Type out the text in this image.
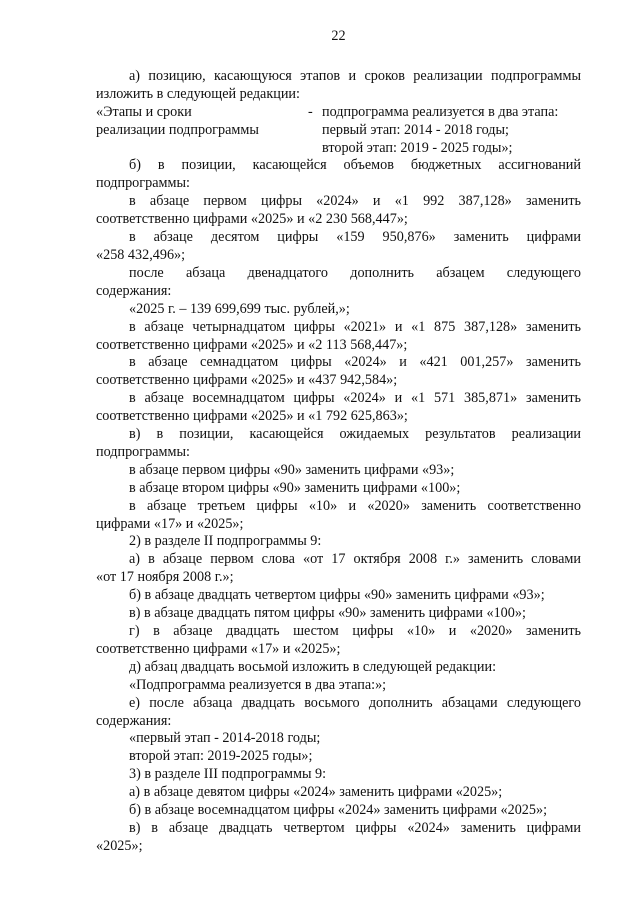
22
а) позицию, касающуюся этапов и сроков реализации подпрограммы
изложить в следующей редакции:
«Этапы и сроки
реализации подпрограммы
- подпрограмма реализуется в два этапа:
первый этап: 2014 - 2018 годы;
второй этап: 2019 - 2025 годы»;
б) в позиции, касающейся объемов бюджетных ассигнований
подпрограммы:
в абзаце первом цифры «2024» и «1 992 387,128» заменить
соответственно цифрами «2025» и «2 230 568,447»;
в абзаце десятом цифры «159 950,876» заменить цифрами
«258 432,496»;
после абзаца двенадцатого дополнить абзацем следующего
содержания:
«2025 г. – 139 699,699 тыс. рублей,»;
в абзаце четырнадцатом цифры «2021» и «1 875 387,128» заменить
соответственно цифрами «2025» и «2 113 568,447»;
в абзаце семнадцатом цифры «2024» и «421 001,257» заменить
соответственно цифрами «2025» и «437 942,584»;
в абзаце восемнадцатом цифры «2024» и «1 571 385,871» заменить
соответственно цифрами «2025» и «1 792 625,863»;
в) в позиции, касающейся ожидаемых результатов реализации
подпрограммы:
в абзаце первом цифры «90» заменить цифрами «93»;
в абзаце втором цифры «90» заменить цифрами «100»;
в абзаце третьем цифры «10» и «2020» заменить соответственно
цифрами «17» и «2025»;
2) в разделе II подпрограммы 9:
а) в абзаце первом слова «от 17 октября 2008 г.» заменить словами
«от 17 ноября 2008 г.»;
б) в абзаце двадцать четвертом цифры «90» заменить цифрами «93»;
в) в абзаце двадцать пятом цифры «90» заменить цифрами «100»;
г) в абзаце двадцать шестом цифры «10» и «2020» заменить
соответственно цифрами «17» и «2025»;
д) абзац двадцать восьмой изложить в следующей редакции:
«Подпрограмма реализуется в два этапа:»;
е) после абзаца двадцать восьмого дополнить абзацами следующего
содержания:
«первый этап - 2014-2018 годы;
второй этап: 2019-2025 годы»;
3) в разделе III подпрограммы 9:
а) в абзаце девятом цифры «2024» заменить цифрами «2025»;
б) в абзаце восемнадцатом цифры «2024» заменить цифрами «2025»;
в) в абзаце двадцать четвертом цифры «2024» заменить цифрами
«2025»;
